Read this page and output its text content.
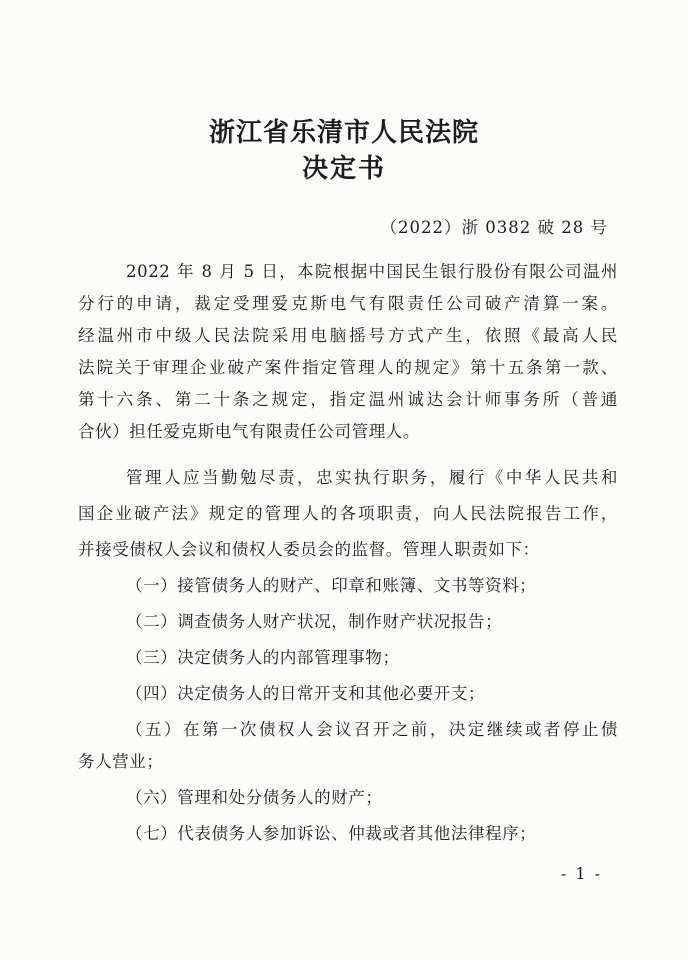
浙江省乐清市人民法院
决定书
（2022）浙 0382 破 28 号
2022 年 8 月 5 日，本院根据中国民生银行股份有限公司温州
分行的申请，裁定受理爱克斯电气有限责任公司破产清算一案。
经温州市中级人民法院采用电脑摇号方式产生，依照《最高人民
法院关于审理企业破产案件指定管理人的规定》第十五条第一款、
第十六条、第二十条之规定，指定温州诚达会计师事务所（普通
合伙）担任爱克斯电气有限责任公司管理人。
管理人应当勤勉尽责，忠实执行职务，履行《中华人民共和
国企业破产法》规定的管理人的各项职责，向人民法院报告工作，
并接受债权人会议和债权人委员会的监督。管理人职责如下：
（一）接管债务人的财产、印章和账簿、文书等资料；
（二）调查债务人财产状况，制作财产状况报告；
（三）决定债务人的内部管理事物；
（四）决定债务人的日常开支和其他必要开支；
（五）在第一次债权人会议召开之前，决定继续或者停止债
务人营业；
（六）管理和处分债务人的财产；
（七）代表债务人参加诉讼、仲裁或者其他法律程序；
- 1 -
